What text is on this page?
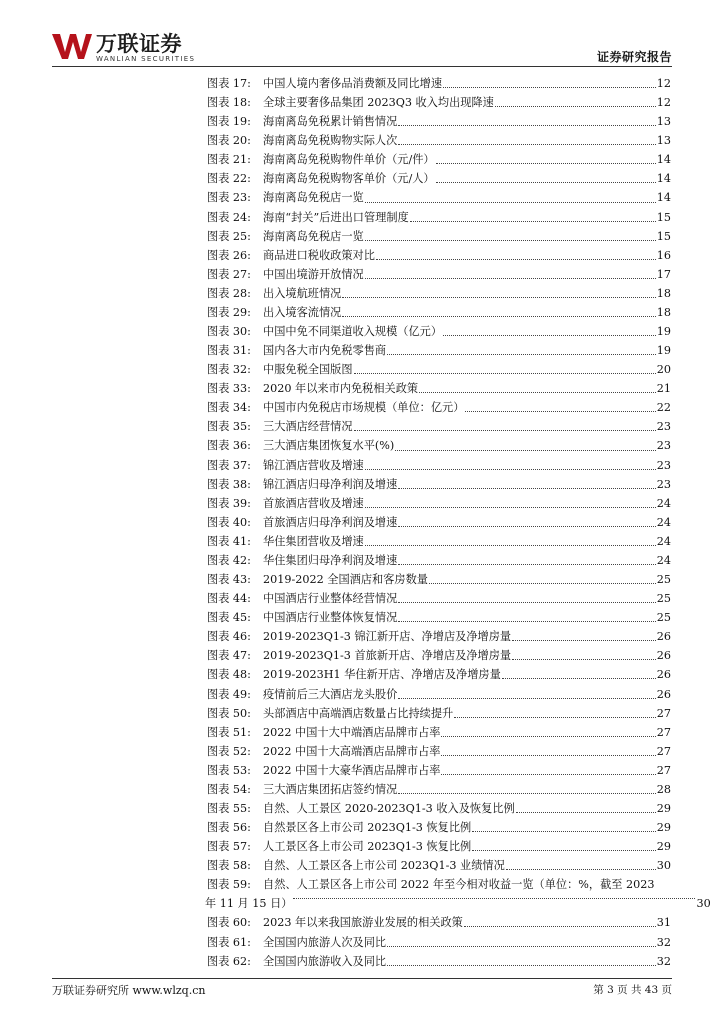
万联证券
WANLIAN SECURITIES	证券研究报告
图表 17:	中国人境内奢侈品消费额及同比增速	12
图表 18:	全球主要奢侈品集团 2023Q3 收入均出现降速	12
图表 19:	海南离岛免税累计销售情况	13
图表 20:	海南离岛免税购物实际人次	13
图表 21:	海南离岛免税购物件单价（元/件）	14
图表 22:	海南离岛免税购物客单价（元/人）	14
图表 23:	海南离岛免税店一览	14
图表 24:	海南“封关”后进出口管理制度	15
图表 25:	海南离岛免税店一览	15
图表 26:	商品进口税收政策对比	16
图表 27:	中国出境游开放情况	17
图表 28:	出入境航班情况	18
图表 29:	出入境客流情况	18
图表 30:	中国中免不同渠道收入规模（亿元）	19
图表 31:	国内各大市内免税零售商	19
图表 32:	中服免税全国版图	20
图表 33:	2020 年以来市内免税相关政策	21
图表 34:	中国市内免税店市场规模（单位：亿元）	22
图表 35:	三大酒店经营情况	23
图表 36:	三大酒店集团恢复水平(%)	23
图表 37:	锦江酒店营收及增速	23
图表 38:	锦江酒店归母净利润及增速	23
图表 39:	首旅酒店营收及增速	24
图表 40:	首旅酒店归母净利润及增速	24
图表 41:	华住集团营收及增速	24
图表 42:	华住集团归母净利润及增速	24
图表 43:	2019-2022 全国酒店和客房数量	25
图表 44:	中国酒店行业整体经营情况	25
图表 45:	中国酒店行业整体恢复情况	25
图表 46:	2019-2023Q1-3 锦江新开店、净增店及净增房量	26
图表 47:	2019-2023Q1-3 首旅新开店、净增店及净增房量	26
图表 48:	2019-2023H1 华住新开店、净增店及净增房量	26
图表 49:	疫情前后三大酒店龙头股价	26
图表 50:	头部酒店中高端酒店数量占比持续提升	27
图表 51:	2022 中国十大中端酒店品牌市占率	27
图表 52:	2022 中国十大高端酒店品牌市占率	27
图表 53:	2022 中国十大豪华酒店品牌市占率	27
图表 54:	三大酒店集团拓店签约情况	28
图表 55:	自然、人工景区 2020-2023Q1-3 收入及恢复比例	29
图表 56:	自然景区各上市公司 2023Q1-3 恢复比例	29
图表 57:	人工景区各上市公司 2023Q1-3 恢复比例	29
图表 58:	自然、人工景区各上市公司 2023Q1-3 业绩情况	30
图表 59:	自然、人工景区各上市公司 2022 年至今相对收益一览（单位：%，截至 2023
年 11 月 15 日）	30
图表 60:	2023 年以来我国旅游业发展的相关政策	31
图表 61:	全国国内旅游人次及同比	32
图表 62:	全国国内旅游收入及同比	32
万联证券研究所 www.wlzq.cn	第 3 页 共 43 页
